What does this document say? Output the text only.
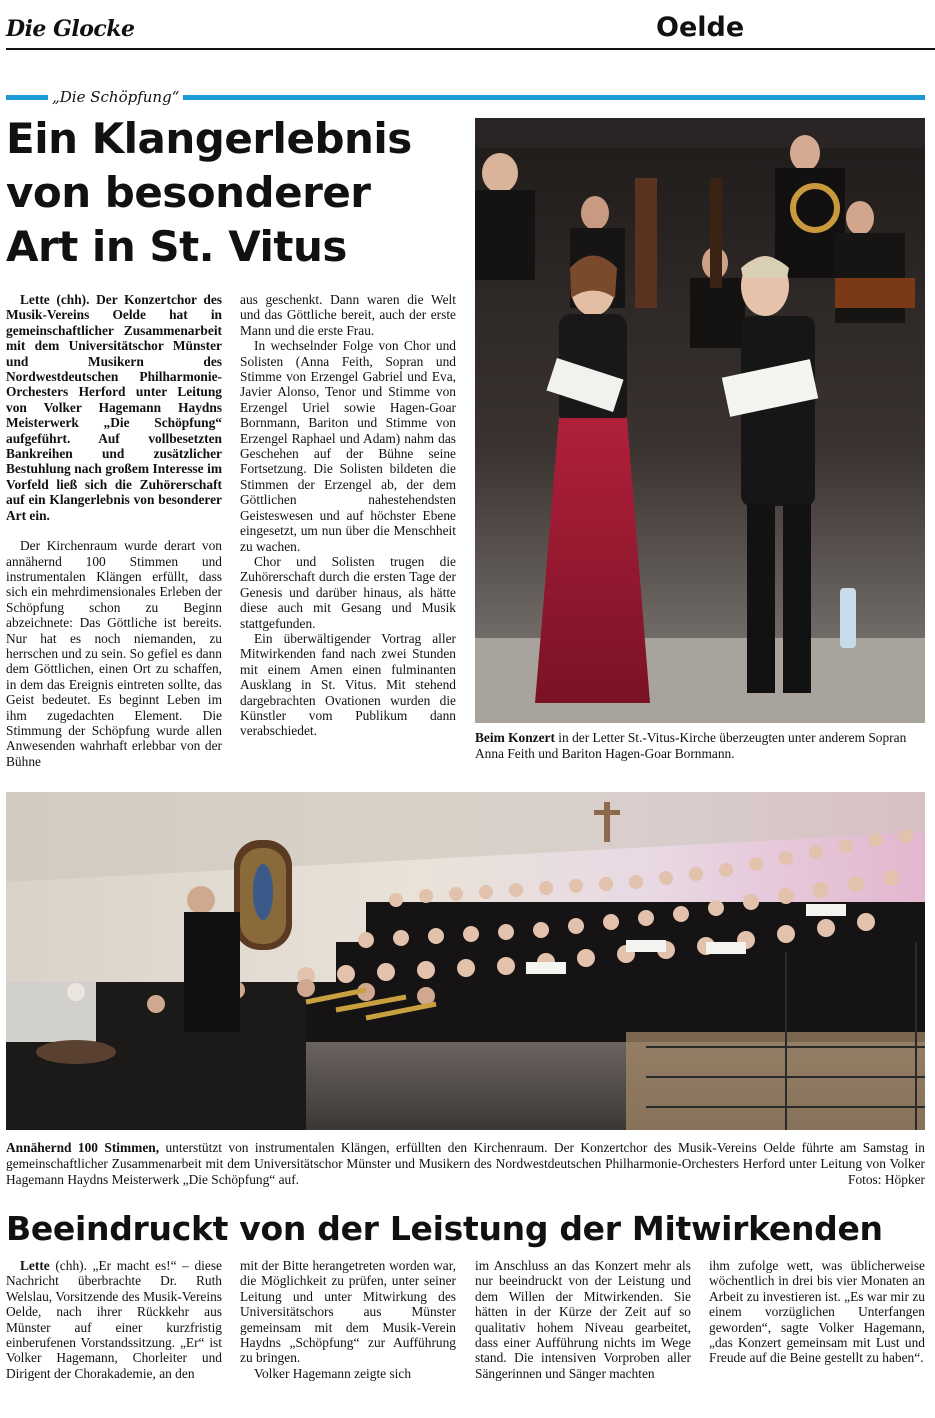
Die Glocke	Oelde
„Die Schöpfung“
Ein Klangerlebnis
von besonderer
Art in St. Vitus

Lette (chh). Der Konzertchor des Musik-Vereins Oelde hat in gemeinschaftlicher Zusammenarbeit mit dem Universitätschor Münster und Musikern des Nordwestdeutschen Philharmonie-Orchesters Herford unter Leitung von Volker Hagemann Haydns Meisterwerk „Die Schöpfung“ aufgeführt. Auf vollbesetzten Bankreihen und zusätzlicher Bestuhlung nach großem Interesse im Vorfeld ließ sich die Zuhörerschaft auf ein Klangerlebnis von besonderer Art ein.

Der Kirchenraum wurde derart von annähernd 100 Stimmen und instrumentalen Klängen erfüllt, dass sich ein mehrdimensionales Erleben der Schöpfung schon zu Beginn abzeichnete: Das Göttliche ist bereits. Nur hat es noch niemanden, zu herrschen und zu sein. So gefiel es dann dem Göttlichen, einen Ort zu schaffen, in dem das Ereignis eintreten sollte, das Geist bedeutet. Es beginnt Leben im ihm zugedachten Element. Die Stimmung der Schöpfung wurde allen Anwesenden wahrhaft erlebbar von der Bühne

aus geschenkt. Dann waren die Welt und das Göttliche bereit, auch der erste Mann und die erste Frau.

In wechselnder Folge von Chor und Solisten (Anna Feith, Sopran und Stimme von Erzengel Gabriel und Eva, Javier Alonso, Tenor und Stimme von Erzengel Uriel sowie Hagen-Goar Bornmann, Bariton und Stimme von Erzengel Raphael und Adam) nahm das Geschehen auf der Bühne seine Fortsetzung. Die Solisten bildeten die Stimmen der Erzengel ab, der dem Göttlichen nahestehendsten Geisteswesen und auf höchster Ebene eingesetzt, um nun über die Menschheit zu wachen.

Chor und Solisten trugen die Zuhörerschaft durch die ersten Tage der Genesis und darüber hinaus, als hätte diese auch mit Gesang und Musik stattgefunden.

Ein überwältigender Vortrag aller Mitwirkenden fand nach zwei Stunden mit einem Amen einen fulminanten Ausklang in St. Vitus. Mit stehend dargebrachten Ovationen wurden die Künstler vom Publikum dann verabschiedet.	Beim Konzert in der Letter St.-Vitus-Kirche überzeugten unter anderem Sopran Anna Feith und Bariton Hagen-Goar Bornmann.
Annähernd 100 Stimmen, unterstützt von instrumentalen Klängen, erfüllten den Kirchenraum. Der Konzertchor des Musik-Vereins Oelde führte am Samstag in gemeinschaftlicher Zusammenarbeit mit dem Universitätschor Münster und Musikern des Nordwestdeutschen Philharmonie-Orchesters Herford unter Leitung von Volker Hagemann Haydns Meisterwerk „Die Schöpfung“ auf.	Fotos: Höpker
Beeindruckt von der Leistung der Mitwirkenden

Lette (chh). „Er macht es!“ – diese Nachricht überbrachte Dr. Ruth Welslau, Vorsitzende des Musik-Vereins Oelde, nach ihrer Rückkehr aus Münster auf einer kurzfristig einberufenen Vorstandssitzung. „Er“ ist Volker Hagemann, Chorleiter und Dirigent der Chorakademie, an den

mit der Bitte herangetreten worden war, die Möglichkeit zu prüfen, unter seiner Leitung und unter Mitwirkung des Universitätschors aus Münster gemeinsam mit dem Musik-Verein Haydns „Schöpfung“ zur Aufführung zu bringen.

Volker Hagemann zeigte sich

im Anschluss an das Konzert mehr als nur beeindruckt von der Leistung und dem Willen der Mitwirkenden. Sie hätten in der Kürze der Zeit auf so qualitativ hohem Niveau gearbeitet, dass einer Aufführung nichts im Wege stand. Die intensiven Vorproben aller Sängerinnen und Sänger machten

ihm zufolge wett, was üblicherweise wöchentlich in drei bis vier Monaten an Arbeit zu investieren ist. „Es war mir zu einem vorzüglichen Unterfangen geworden“, sagte Volker Hagemann, „das Konzert gemeinsam mit Lust und Freude auf die Beine gestellt zu haben“.
